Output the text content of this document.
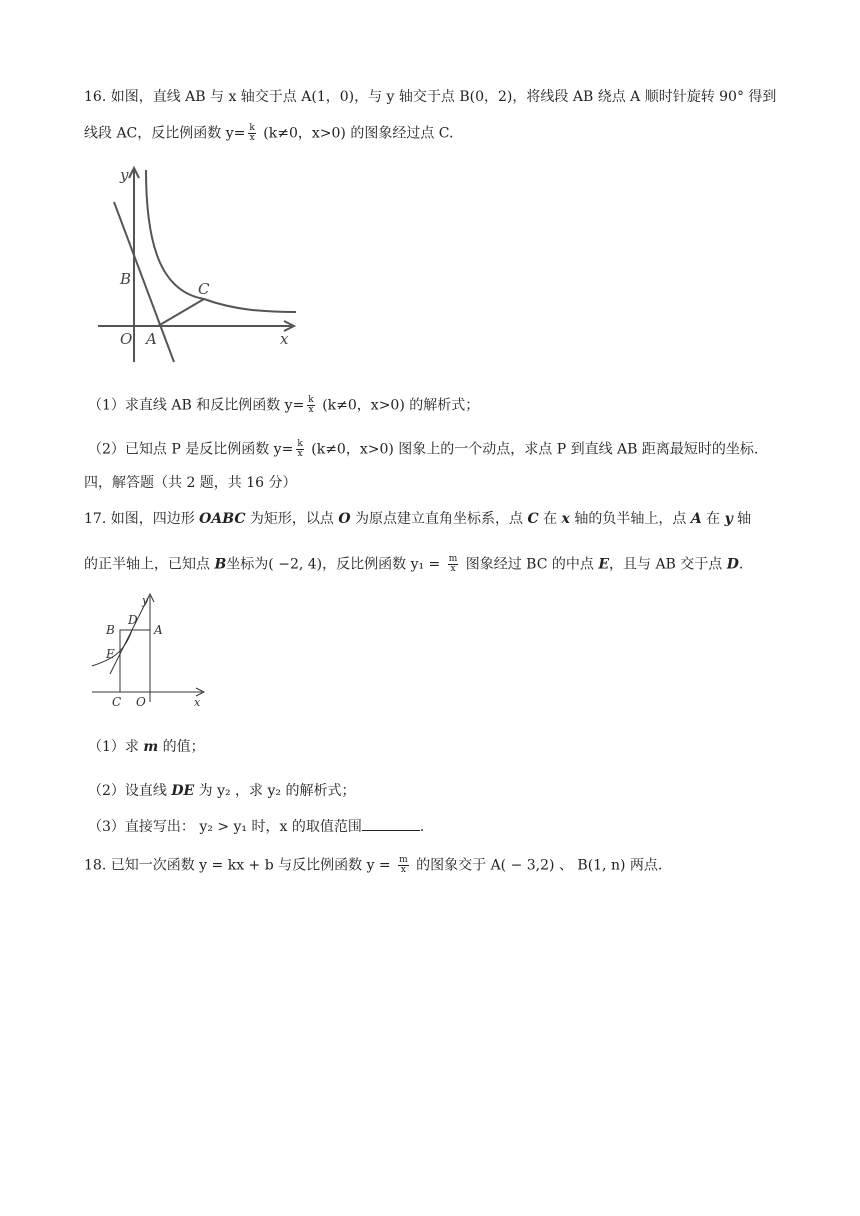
16. 如图，直线 AB 与 x 轴交于点 A(1，0)，与 y 轴交于点 B(0，2)，将线段 AB 绕点 A 顺时针旋转 90° 得到
线段 AC，反比例函数 $y= \frac{k}{x} (k\ne 0$，x>0) 的图象经过点 C.
y
x
B
C
O A
（1）求直线 AB 和反比例函数 $y= \frac{k}{x} (k\ne 0$，x>0) 的解析式；
（2）已知点 P 是反比例函数 $y= \frac{k}{x} (k\ne 0$，x>0) 图象上的一个动点，求点 P 到直线 AB 距离最短时的坐标.
四，解答题（共 2 题，共 16 分）
17. 如图，四边形 OABC 为矩形，以点 O 为原点建立直角坐标系，点 C 在 x 轴的负半轴上，点 A 在 y 轴
的正半轴上，已知点 B坐标为( −2, 4)，反比例函数 $y_1 = \frac{m}{x}$ 图象经过 BC 的中点 E，且与 AB 交于点 D.
y
x
B
D
A
E
C O
（1）求 m 的值；
（2）设直线 DE 为 y₂ ，求 y₂ 的解析式；
（3）直接写出： y₂ > y₁ 时，x 的取值范围	.
18. 已知一次函数 y = kx + b 与反比例函数 $y = \frac{m}{x}$ 的图象交于 A( − 3,2) 、 B(1, n) 两点.
